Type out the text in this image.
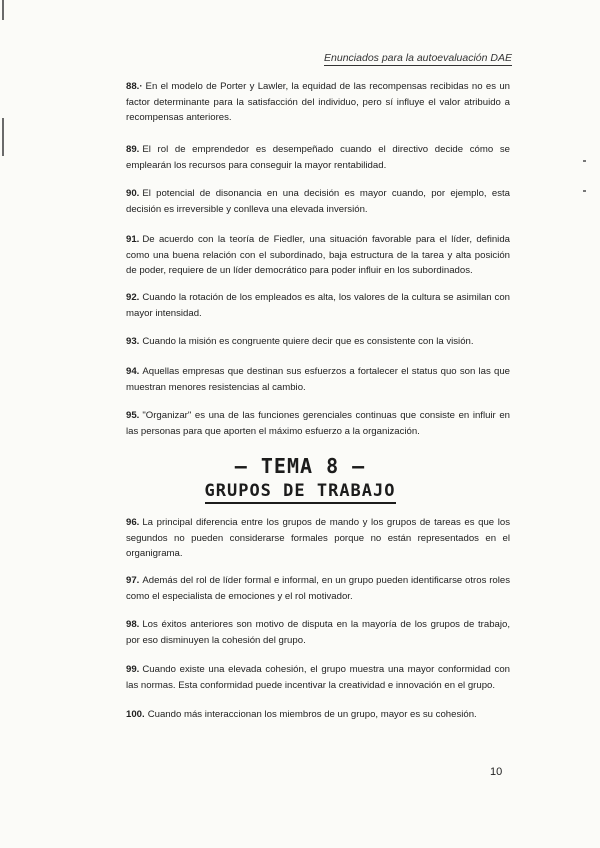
Enunciados para la autoevaluación DAE
88.· En el modelo de Porter y Lawler, la equidad de las recompensas recibidas no es un factor determinante para la satisfacción del individuo, pero sí influye el valor atribuido a recompensas anteriores.
89. El rol de emprendedor es desempeñado cuando el directivo decide cómo se emplearán los recursos para conseguir la mayor rentabilidad.
90. El potencial de disonancia en una decisión es mayor cuando, por ejemplo, esta decisión es irreversible y conlleva una elevada inversión.
91. De acuerdo con la teoría de Fiedler, una situación favorable para el líder, definida como una buena relación con el subordinado, baja estructura de la tarea y alta posición de poder, requiere de un líder democrático para poder influir en los subordinados.
92. Cuando la rotación de los empleados es alta, los valores de la cultura se asimilan con mayor intensidad.
93. Cuando la misión es congruente quiere decir que es consistente con la visión.
94. Aquellas empresas que destinan sus esfuerzos a fortalecer el status quo son las que muestran menores resistencias al cambio.
95. "Organizar" es una de las funciones gerenciales continuas que consiste en influir en las personas para que aporten el máximo esfuerzo a la organización.
– TEMA 8 –
GRUPOS DE TRABAJO
96. La principal diferencia entre los grupos de mando y los grupos de tareas es que los segundos no pueden considerarse formales porque no están representados en el organigrama.
97. Además del rol de líder formal e informal, en un grupo pueden identificarse otros roles como el especialista de emociones y el rol motivador.
98. Los éxitos anteriores son motivo de disputa en la mayoría de los grupos de trabajo, por eso disminuyen la cohesión del grupo.
99. Cuando existe una elevada cohesión, el grupo muestra una mayor conformidad con las normas. Esta conformidad puede incentivar la creatividad e innovación en el grupo.
100. Cuando más interaccionan los miembros de un grupo, mayor es su cohesión.
10
